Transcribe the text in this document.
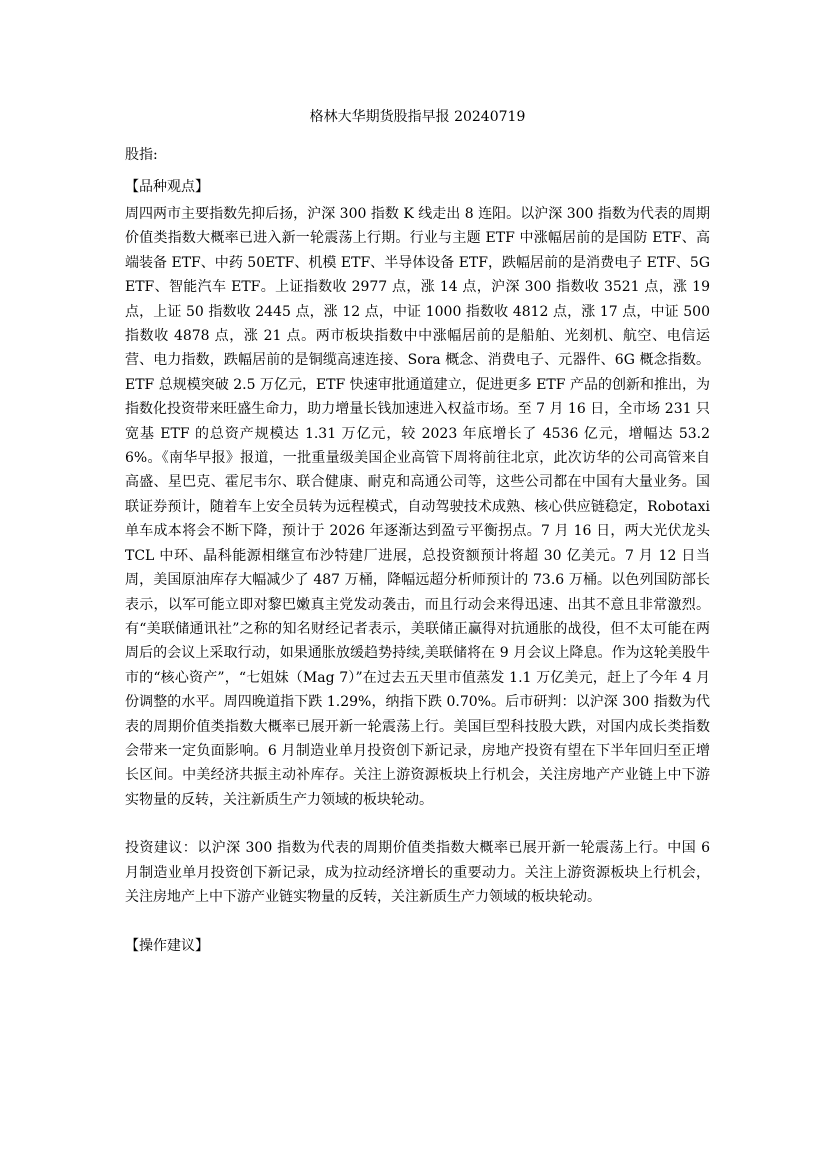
格林大华期货股指早报 20240719

股指:

【品种观点】

周四两市主要指数先抑后扬，沪深 300 指数 K 线走出 8 连阳。以沪深 300 指数为代表的周期价值类指数大概率已进入新一轮震荡上行期。行业与主题 ETF 中涨幅居前的是国防 ETF、高端装备 ETF、中药 50ETF、机模 ETF、半导体设备 ETF，跌幅居前的是消费电子 ETF、5G ETF、智能汽车 ETF。上证指数收 2977 点，涨 14 点，沪深 300 指数收 3521 点，涨 19 点，上证 50 指数收 2445 点，涨 12 点，中证 1000 指数收 4812 点，涨 17 点，中证 500 指数收 4878 点，涨 21 点。两市板块指数中中涨幅居前的是船舶、光刻机、航空、电信运营、电力指数，跌幅居前的是铜缆高速连接、Sora 概念、消费电子、元器件、6G 概念指数。ETF 总规模突破 2.5 万亿元，ETF 快速审批通道建立，促进更多 ETF 产品的创新和推出，为指数化投资带来旺盛生命力，助力增量长钱加速进入权益市场。至 7 月 16 日，全市场 231 只宽基 ETF 的总资产规模达 1.31 万亿元，较 2023 年底增长了 4536 亿元，增幅达 53.26%。《南华早报》报道，一批重量级美国企业高管下周将前往北京，此次访华的公司高管来自高盛、星巴克、霍尼韦尔、联合健康、耐克和高通公司等，这些公司都在中国有大量业务。国联证券预计，随着车上安全员转为远程模式，自动驾驶技术成熟、核心供应链稳定，Robotaxi 单车成本将会不断下降，预计于 2026 年逐渐达到盈亏平衡拐点。7 月 16 日，两大光伏龙头 TCL 中环、晶科能源相继宣布沙特建厂进展，总投资额预计将超 30 亿美元。7 月 12 日当周，美国原油库存大幅减少了 487 万桶，降幅远超分析师预计的 73.6 万桶。以色列国防部长表示，以军可能立即对黎巴嫩真主党发动袭击，而且行动会来得迅速、出其不意且非常激烈。有“美联储通讯社”之称的知名财经记者表示，美联储正赢得对抗通胀的战役，但不太可能在两周后的会议上采取行动，如果通胀放缓趋势持续,美联储将在 9 月会议上降息。作为这轮美股牛市的“核心资产”，“七姐妹（Mag 7）”在过去五天里市值蒸发 1.1 万亿美元，赶上了今年 4 月份调整的水平。周四晚道指下跌 1.29%，纳指下跌 0.70%。后市研判：以沪深 300 指数为代表的周期价值类指数大概率已展开新一轮震荡上行。美国巨型科技股大跌，对国内成长类指数会带来一定负面影响。6 月制造业单月投资创下新记录，房地产投资有望在下半年回归至正增长区间。中美经济共振主动补库存。关注上游资源板块上行机会，关注房地产产业链上中下游实物量的反转，关注新质生产力领域的板块轮动。

投资建议：以沪深 300 指数为代表的周期价值类指数大概率已展开新一轮震荡上行。中国 6 月制造业单月投资创下新记录，成为拉动经济增长的重要动力。关注上游资源板块上行机会，关注房地产上中下游产业链实物量的反转，关注新质生产力领域的板块轮动。

【操作建议】
